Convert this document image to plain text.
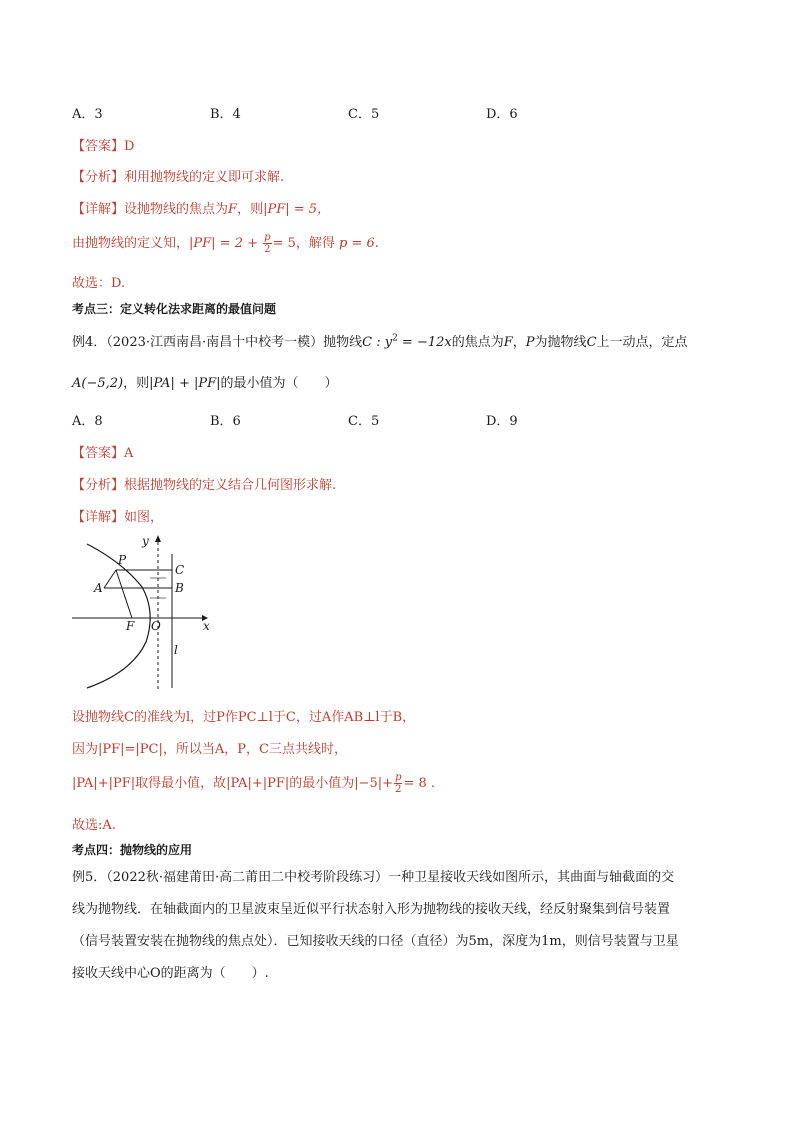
A．3	B．4	C．5	D．6
【答案】D
【分析】利用抛物线的定义即可求解.
【详解】设抛物线的焦点为F，则|PF| = 5，
由抛物线的定义知，$|PF| = 2 + \frac{p}{2} = 5$，解得 p = 6.
故选：D.
考点三：定义转化法求距离的最值问题
例4．（2023·江西南昌·南昌十中校考一模）抛物线C : $y^2 = -12x$的焦点为F，P为抛物线C上一动点，定点
A(−5,2)，则|PA| + |PF|的最小值为（　　）
A．8	B．6	C．5	D．9
【答案】A
【分析】根据抛物线的定义结合几何图形求解.
【详解】如图，
y
P
C
A	B
F O	x
l
设抛物线C的准线为l，过P作PC⊥l于C，过A作AB⊥l于B，
因为|PF|=|PC|，所以当A，P，C三点共线时，
|PA|+|PF|取得最小值，故|PA|+|PF|的最小值为$|-5|+ \frac{p}{2} = 8$ .
故选:A.
考点四：抛物线的应用
例5．（2022秋·福建莆田·高二莆田二中校考阶段练习）一种卫星接收天线如图所示，其曲面与轴截面的交
线为抛物线．在轴截面内的卫星波束呈近似平行状态射入形为抛物线的接收天线，经反射聚集到信号装置
（信号装置安装在抛物线的焦点处）．已知接收天线的口径（直径）为5m，深度为1m，则信号装置与卫星
接收天线中心O的距离为（　　）.
